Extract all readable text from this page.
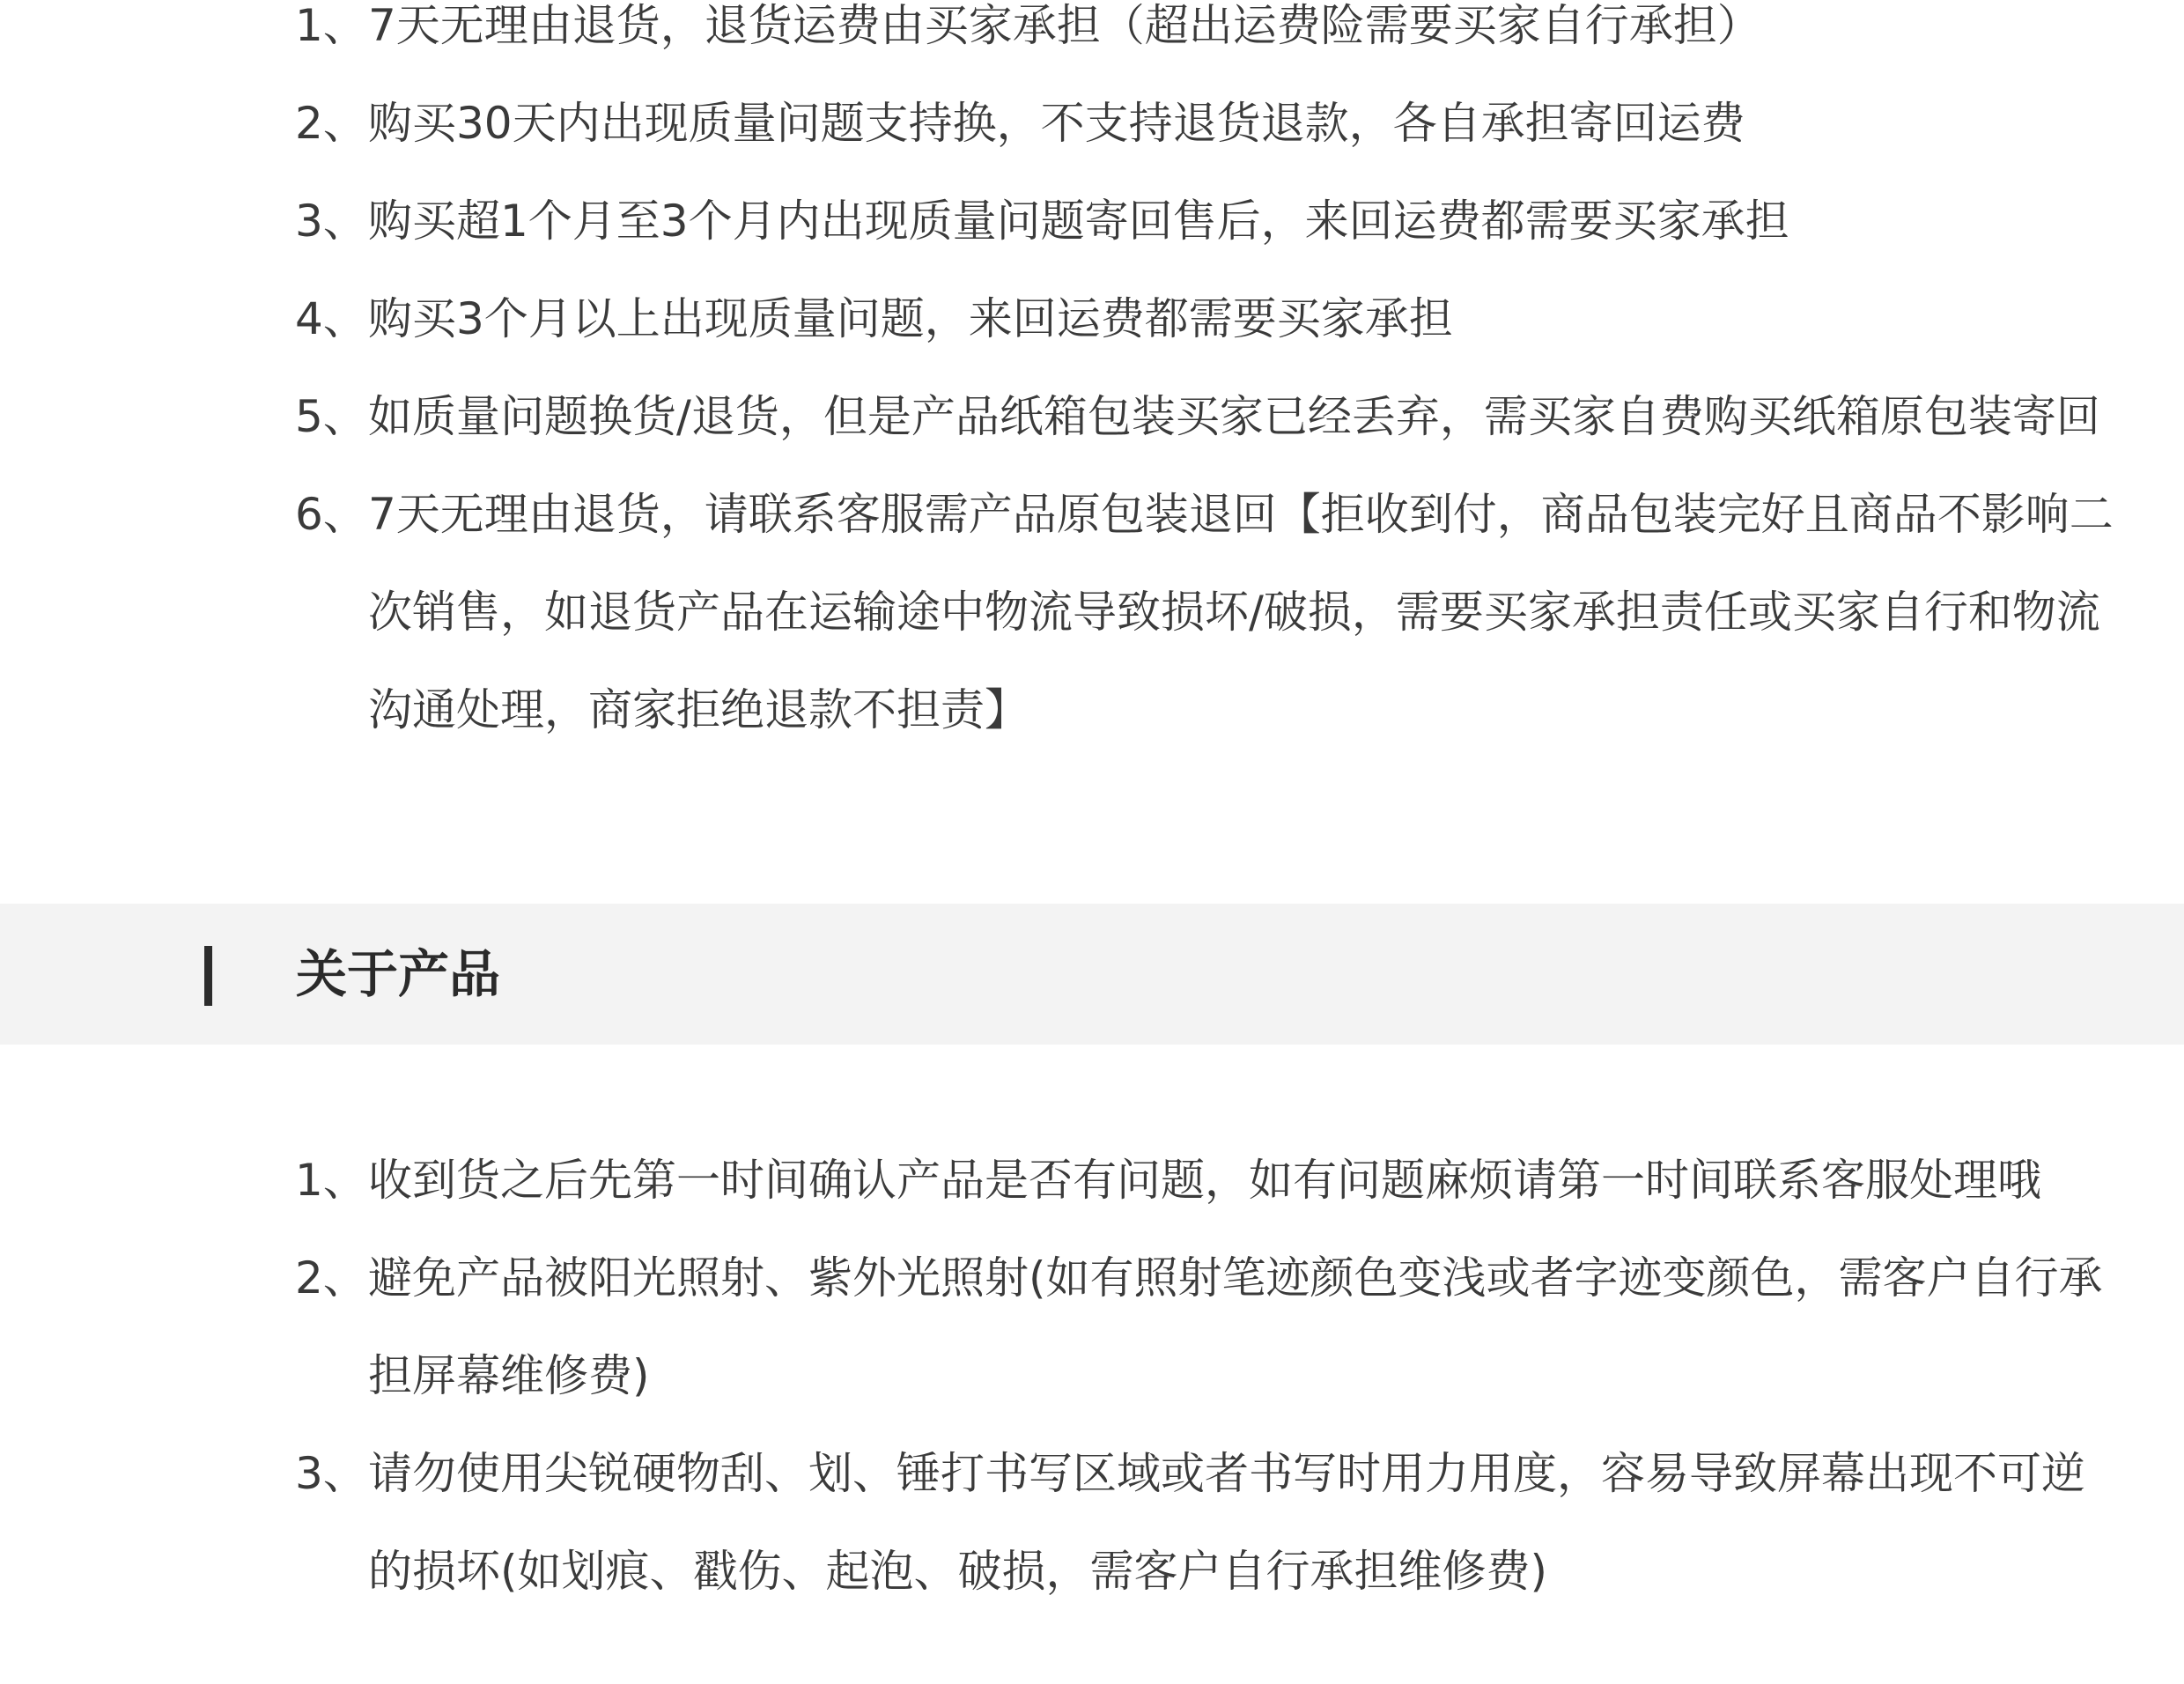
1、 7天无理由退货，退货运费由买家承担（超出运费险需要买家自行承担）
2、 购买30天内出现质量问题支持换，不支持退货退款，各自承担寄回运费
3、 购买超1个月至3个月内出现质量问题寄回售后，来回运费都需要买家承担
4、 购买3个月以上出现质量问题，来回运费都需要买家承担
5、 如质量问题换货/退货，但是产品纸箱包装买家已经丢弃，需买家自费购买纸箱原包装寄回
6、 7天无理由退货，请联系客服需产品原包装退回【拒收到付，商品包装完好且商品不影响二次销售，如退货产品在运输途中物流导致损坏/破损，需要买家承担责任或买家自行和物流沟通处理，商家拒绝退款不担责】
关于产品
1、 收到货之后先第一时间确认产品是否有问题，如有问题麻烦请第一时间联系客服处理哦
2、 避免产品被阳光照射、紫外光照射(如有照射笔迹颜色变浅或者字迹变颜色，需客户自行承担屏幕维修费)
3、 请勿使用尖锐硬物刮、划、锤打书写区域或者书写时用力用度，容易导致屏幕出现不可逆的损坏(如划痕、戳伤、起泡、破损，需客户自行承担维修费)
